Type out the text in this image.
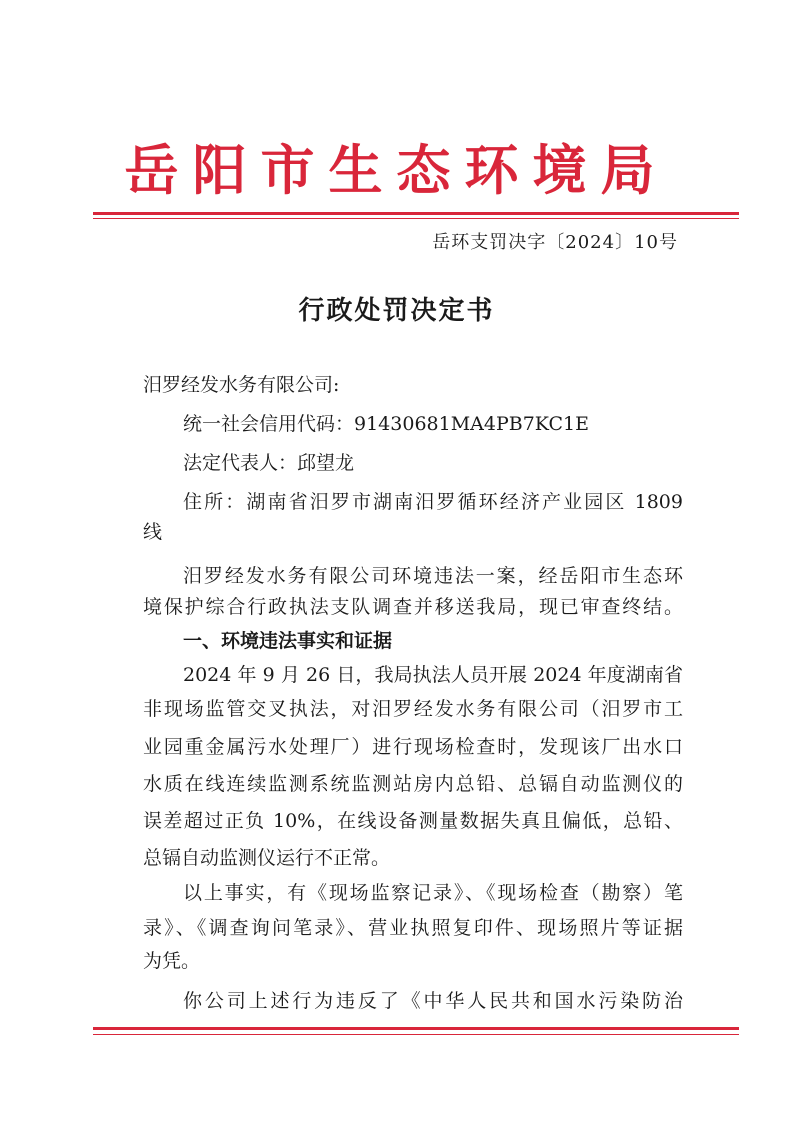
岳阳市生态环境局
岳环支罚决字〔2024〕10号
行政处罚决定书
汨罗经发水务有限公司:
统一社会信用代码：91430681MA4PB7KC1E
法定代表人：邱望龙
住所：湖南省汨罗市湖南汨罗循环经济产业园区 1809
线
汨罗经发水务有限公司环境违法一案，经岳阳市生态环
境保护综合行政执法支队调查并移送我局，现已审查终结。
一、环境违法事实和证据
2024 年 9 月 26 日，我局执法人员开展 2024 年度湖南省
非现场监管交叉执法，对汨罗经发水务有限公司（汨罗市工
业园重金属污水处理厂）进行现场检查时，发现该厂出水口
水质在线连续监测系统监测站房内总铅、总镉自动监测仪的
误差超过正负 10%，在线设备测量数据失真且偏低，总铅、
总镉自动监测仪运行不正常。
以上事实，有《现场监察记录》、《现场检查（勘察）笔
录》、《调查询问笔录》、营业执照复印件、现场照片等证据
为凭。
你公司上述行为违反了《中华人民共和国水污染防治
